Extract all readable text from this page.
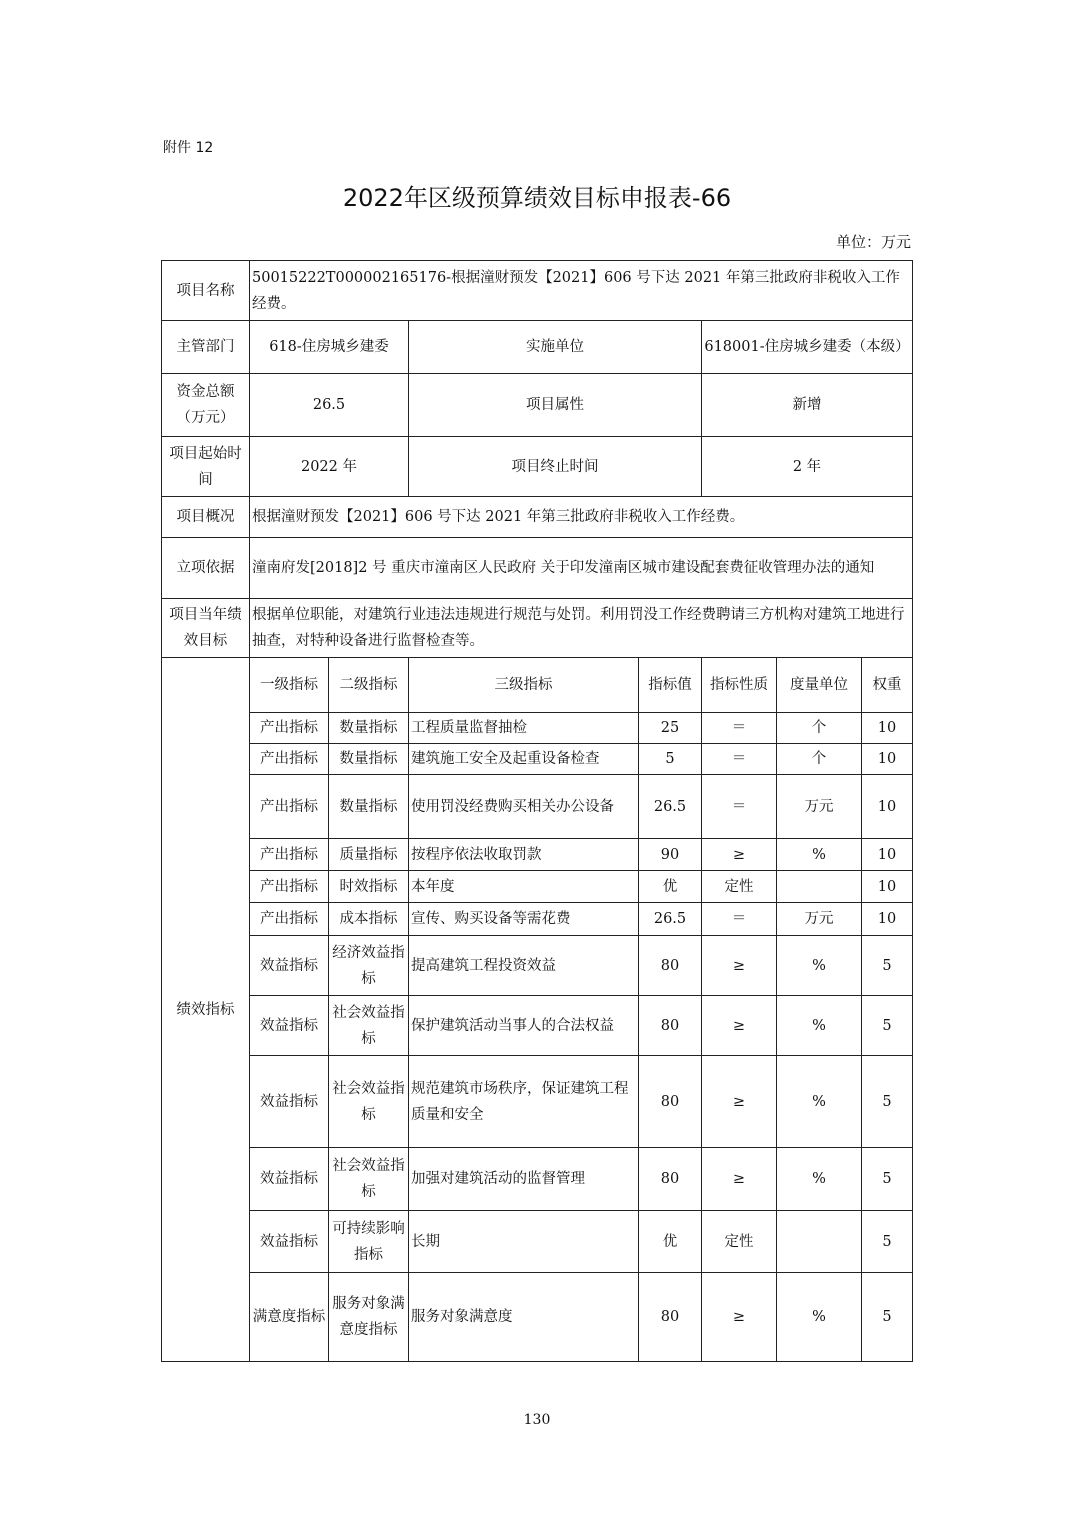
附件 12
2022年区级预算绩效目标申报表-66
单位：万元
项目名称	50015222T000002165176-根据潼财预发【2021】606 号下达 2021 年第三批政府非税收入工作经费。						
主管部门	618-住房城乡建委		实施单位		618001-住房城乡建委（本级）		
资金总额（万元）	26.5		项目属性		新增		
项目起始时间	2022 年		项目终止时间		2 年		
项目概况	根据潼财预发【2021】606 号下达 2021 年第三批政府非税收入工作经费。						
立项依据	潼南府发[2018]2 号 重庆市潼南区人民政府 关于印发潼南区城市建设配套费征收管理办法的通知						
项目当年绩效目标	根据单位职能，对建筑行业违法违规进行规范与处罚。利用罚没工作经费聘请三方机构对建筑工地进行抽查，对特种设备进行监督检查等。						
绩效指标	一级指标	二级指标	三级指标	指标值	指标性质	度量单位	权重
	产出指标	数量指标	工程质量监督抽检	25	＝	个	10
	产出指标	数量指标	建筑施工安全及起重设备检查	5	＝	个	10
	产出指标	数量指标	使用罚没经费购买相关办公设备	26.5	＝	万元	10
	产出指标	质量指标	按程序依法收取罚款	90	≥	%	10
	产出指标	时效指标	本年度	优	定性		10
	产出指标	成本指标	宣传、购买设备等需花费	26.5	＝	万元	10
	效益指标	经济效益指标	提高建筑工程投资效益	80	≥	%	5
	效益指标	社会效益指标	保护建筑活动当事人的合法权益	80	≥	%	5
	效益指标	社会效益指标	规范建筑市场秩序，保证建筑工程质量和安全	80	≥	%	5
	效益指标	社会效益指标	加强对建筑活动的监督管理	80	≥	%	5
	效益指标	可持续影响指标	长期	优	定性		5
	满意度指标	服务对象满意度指标	服务对象满意度	80	≥	%	5
130
